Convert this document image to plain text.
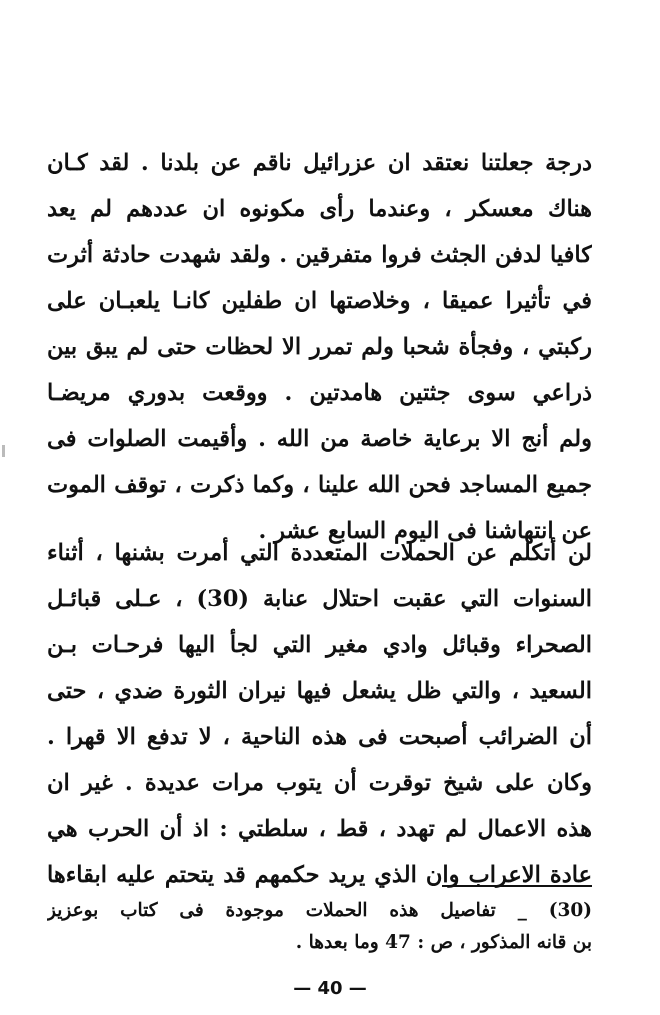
درجة جعلتنا نعتقد ان عزرائيل ناقم عن بلدنا . لقد كـان
هناك معسكر ، وعندما رأى مكونوه ان عددهم لم يعد
كافيا لدفن الجثث فروا متفرقين . ولقد شهدت حادثة أثرت
في تأثيرا عميقا ، وخلاصتها ان طفلين كانـا يلعبـان على
ركبتي ، وفجأة شحبا ولم تمرر الا لحظات حتى لم يبق بين
ذراعي سوى جثتين هامدتين . ووقعت بدوري مريضـا
ولم أنج الا برعاية خاصة من الله . وأقيمت الصلوات فى
جميع المساجد فحن الله علينا ، وكما ذكرت ، توقف الموت
عن انتهاشنا فى اليوم السابع عشر .
لن أتكلم عن الحملات المتعددة التي أمرت بشنها ، أثناء
السنوات التي عقبت احتلال عنابة (30) ، عـلى قبائـل
الصحراء وقبائل وادي مغير التي لجأ اليها فرحـات بـن
السعيد ، والتي ظل يشعل فيها نيران الثورة ضدي ، حتى
أن الضرائب أصبحت فى هذه الناحية ، لا تدفع الا قهرا .
وكان على شيخ توقرت أن يتوب مرات عديدة . غير ان
هذه الاعمال لم تهدد ، قط ، سلطتي : اذ أن الحرب هي
عادة الاعراب وان الذي يريد حكمهم قد يتحتم عليه ابقاءها
(30) _ تفاصيل هذه الحملات موجودة فى كتاب بوعزيز
بن قانه المذكور ، ص : 47 وما بعدها .
— 40 —
